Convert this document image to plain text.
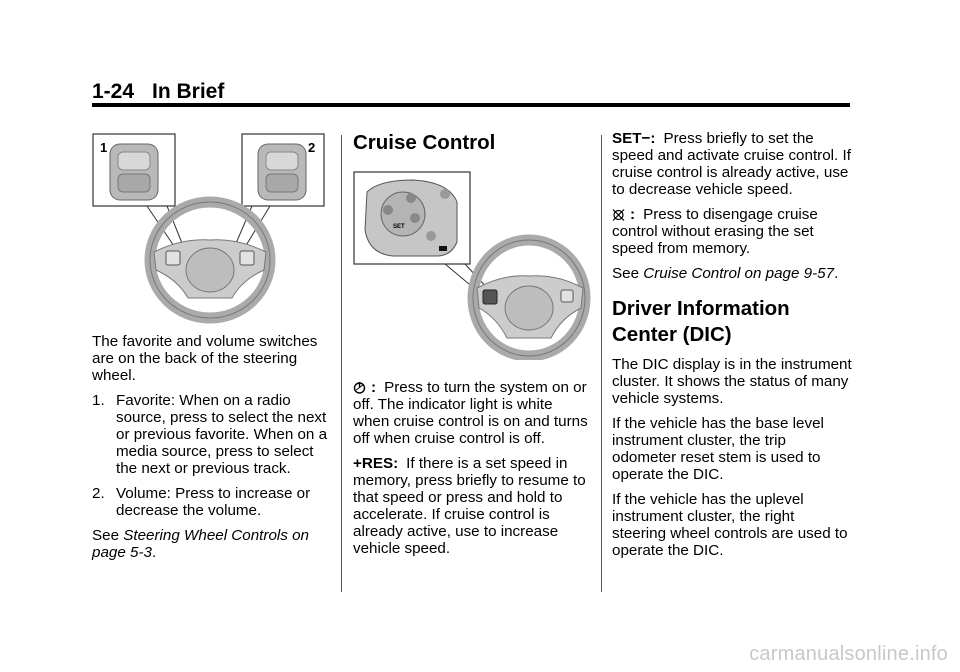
1-24 In Brief
1	2
SET

The favorite and volume switches are on the back of the steering wheel.

1. Favorite: When on a radio source, press to select the next or previous favorite. When on a media source, press to select the next or previous track.
2. Volume: Press to increase or decrease the volume.

See Steering Wheel Controls on page 5-3.

Cruise Control

: Press to turn the system on or off. The indicator light is white when cruise control is on and turns off when cruise control is off.

+RES: If there is a set speed in memory, press briefly to resume to that speed or press and hold to accelerate. If cruise control is already active, use to increase vehicle speed.

SET−: Press briefly to set the speed and activate cruise control. If cruise control is already active, use to decrease vehicle speed.

: Press to disengage cruise control without erasing the set speed from memory.

See Cruise Control on page 9-57.

Driver Information
Center (DIC)

The DIC display is in the instrument cluster. It shows the status of many vehicle systems.

If the vehicle has the base level instrument cluster, the trip odometer reset stem is used to operate the DIC.

If the vehicle has the uplevel instrument cluster, the right steering wheel controls are used to operate the DIC.

carmanualsonline.info
